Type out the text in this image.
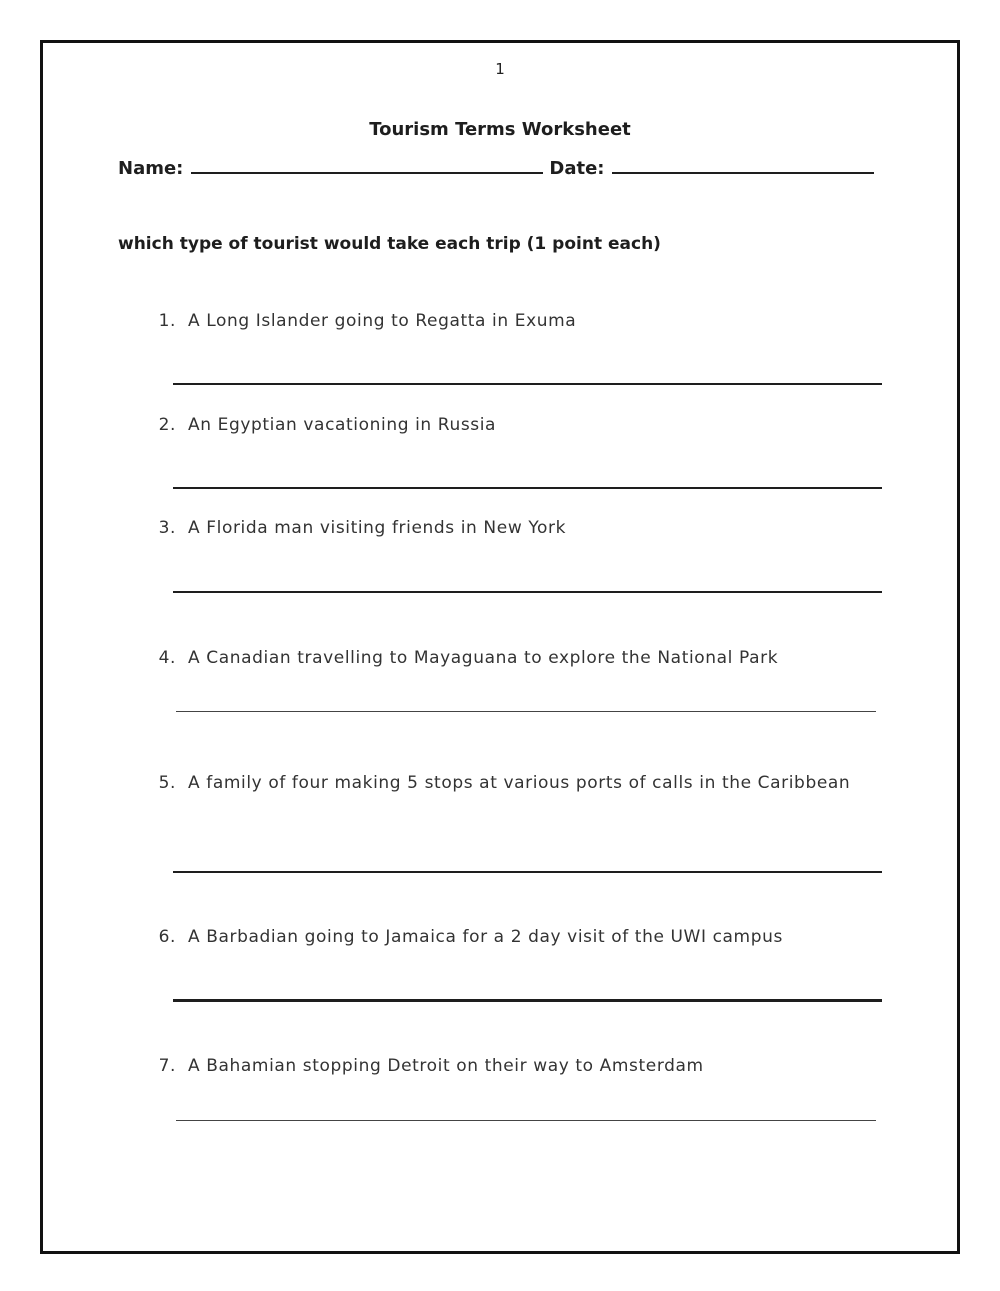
1
Tourism Terms Worksheet
Name:	Date:
which type of tourist would take each trip (1 point each)
1. A Long Islander going to Regatta in Exuma
2. An Egyptian vacationing in Russia
3. A Florida man visiting friends in New York
4. A Canadian travelling to Mayaguana to explore the National Park
5. A family of four making 5 stops at various ports of calls in the Caribbean
6. A Barbadian going to Jamaica for a 2 day visit of the UWI campus
7. A Bahamian stopping Detroit on their way to Amsterdam
